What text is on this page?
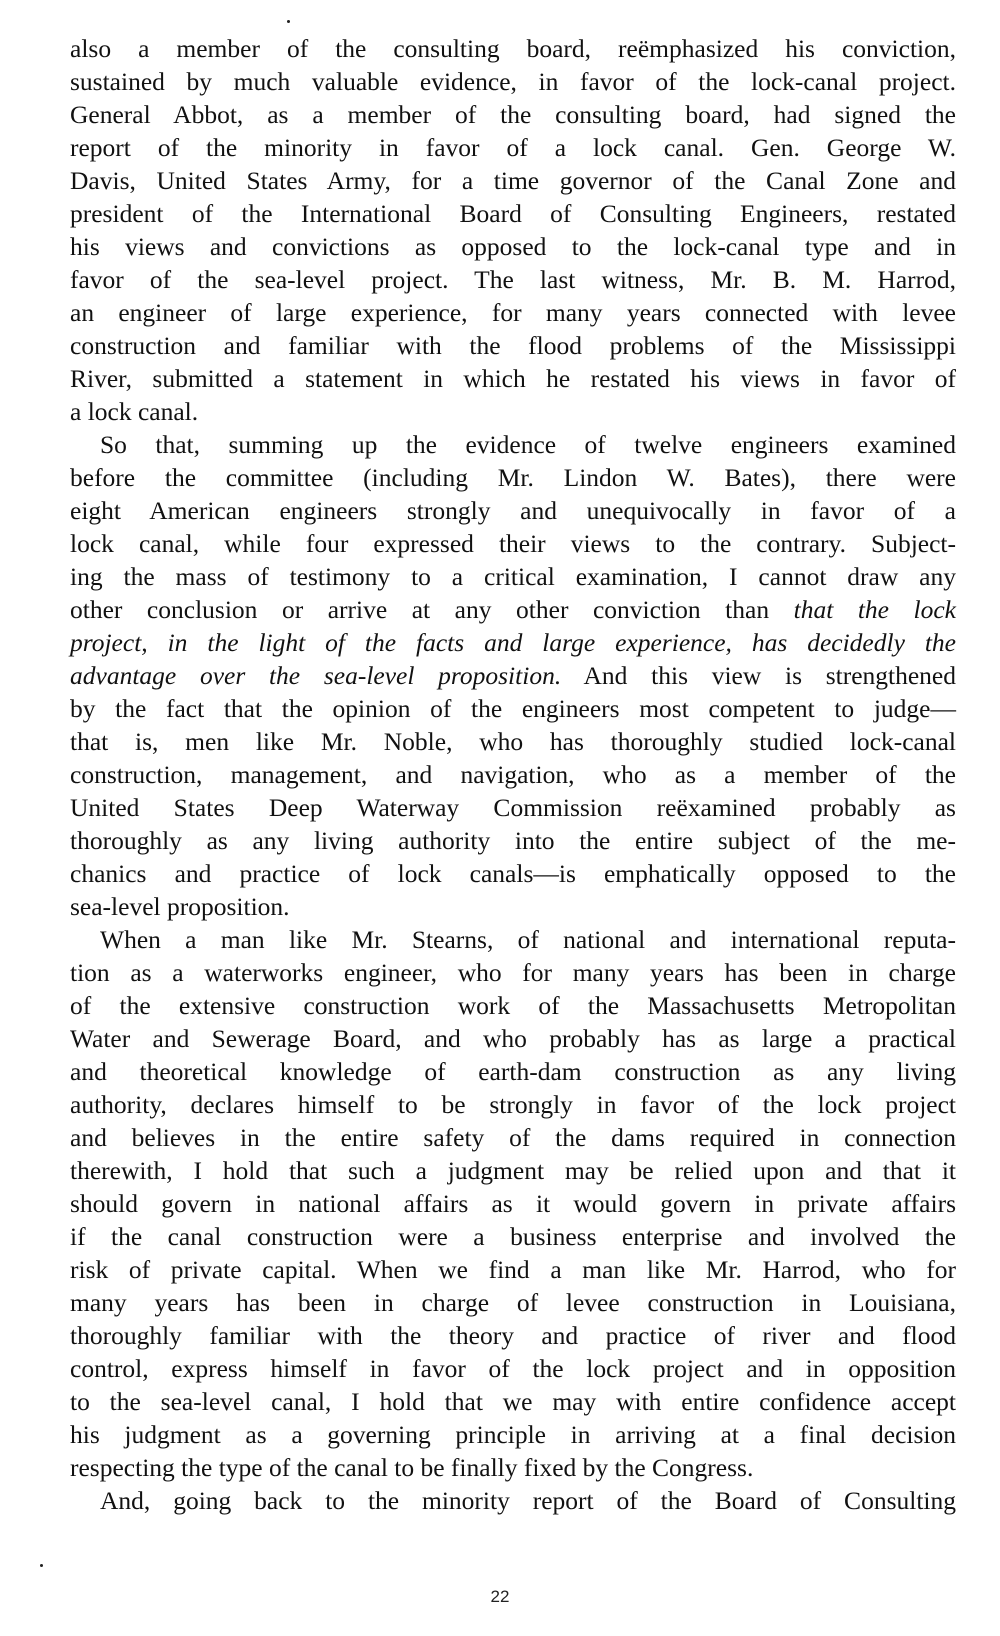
also a member of the consulting board, reëmphasized his conviction,
sustained by much valuable evidence, in favor of the lock-canal project.
General Abbot, as a member of the consulting board, had signed the
report of the minority in favor of a lock canal. Gen. George W.
Davis, United States Army, for a time governor of the Canal Zone and
president of the International Board of Consulting Engineers, restated
his views and convictions as opposed to the lock-canal type and in
favor of the sea-level project. The last witness, Mr. B. M. Harrod,
an engineer of large experience, for many years connected with levee
construction and familiar with the flood problems of the Mississippi
River, submitted a statement in which he restated his views in favor of
a lock canal.
So that, summing up the evidence of twelve engineers examined
before the committee (including Mr. Lindon W. Bates), there were
eight American engineers strongly and unequivocally in favor of a
lock canal, while four expressed their views to the contrary. Subject-
ing the mass of testimony to a critical examination, I cannot draw any
other conclusion or arrive at any other conviction than that the lock
project, in the light of the facts and large experience, has decidedly the
advantage over the sea-level proposition. And this view is strengthened
by the fact that the opinion of the engineers most competent to judge—
that is, men like Mr. Noble, who has thoroughly studied lock-canal
construction, management, and navigation, who as a member of the
United States Deep Waterway Commission reëxamined probably as
thoroughly as any living authority into the entire subject of the me-
chanics and practice of lock canals—is emphatically opposed to the
sea-level proposition.
When a man like Mr. Stearns, of national and international reputa-
tion as a waterworks engineer, who for many years has been in charge
of the extensive construction work of the Massachusetts Metropolitan
Water and Sewerage Board, and who probably has as large a practical
and theoretical knowledge of earth-dam construction as any living
authority, declares himself to be strongly in favor of the lock project
and believes in the entire safety of the dams required in connection
therewith, I hold that such a judgment may be relied upon and that it
should govern in national affairs as it would govern in private affairs
if the canal construction were a business enterprise and involved the
risk of private capital. When we find a man like Mr. Harrod, who for
many years has been in charge of levee construction in Louisiana,
thoroughly familiar with the theory and practice of river and flood
control, express himself in favor of the lock project and in opposition
to the sea-level canal, I hold that we may with entire confidence accept
his judgment as a governing principle in arriving at a final decision
respecting the type of the canal to be finally fixed by the Congress.
And, going back to the minority report of the Board of Consulting
22
